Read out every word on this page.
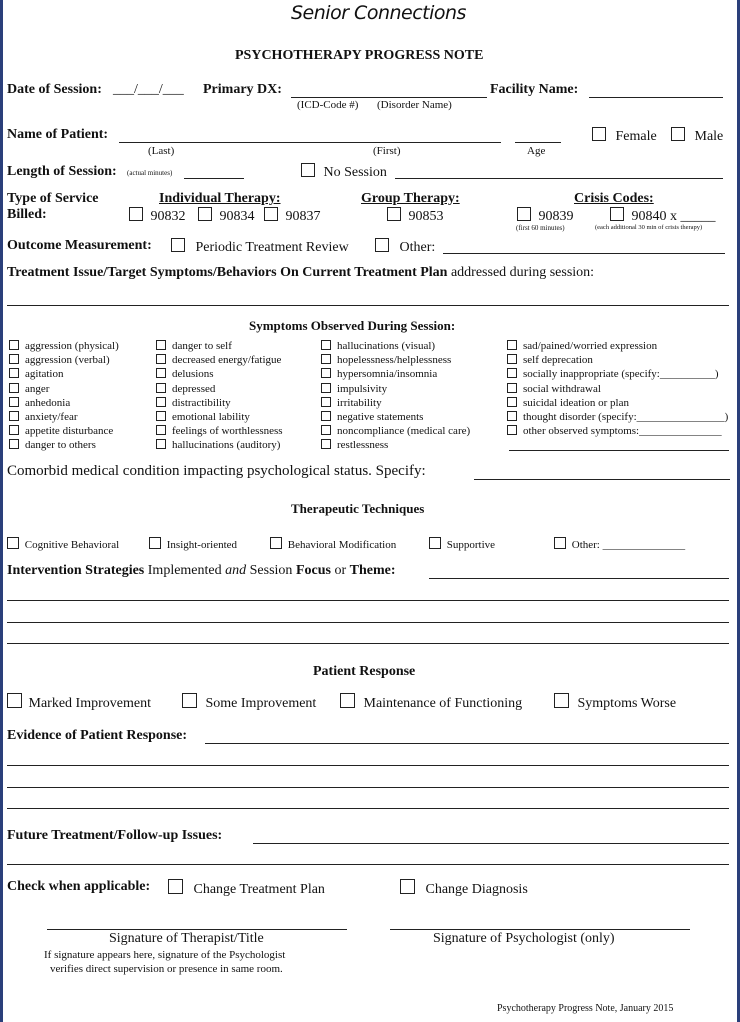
Senior Connections
PSYCHOTHERAPY PROGRESS NOTE
Date of Session: ___/___/___ Primary DX:
(ICD-Code #) (Disorder Name)
Facility Name:
Name of Patient:
(Last)	(First)	Age
Female	Male
Length of Session: (actual minutes)	No Session
Type of Service
Billed:
Individual Therapy:	Group Therapy:	Crisis Codes:
90832	90834	90837	90853	90839	90840 x _____
(first 60 minutes)	(each additional 30 min of crisis therapy)
Outcome Measurement:	Periodic Treatment Review	Other:
Treatment Issue/Target Symptoms/Behaviors On Current Treatment Plan addressed during session:
Symptoms Observed During Session:
aggression (physical)
aggression (verbal)
agitation
anger
anhedonia
anxiety/fear
appetite disturbance
danger to others
danger to self
decreased energy/fatigue
delusions
depressed
distractibility
emotional lability
feelings of worthlessness
hallucinations (auditory)
hallucinations (visual)
hopelessness/helplessness
hypersomnia/insomnia
impulsivity
irritability
negative statements
noncompliance (medical care)
restlessness
sad/pained/worried expression
self deprecation
socially inappropriate (specify:__________)
social withdrawal
suicidal ideation or plan
thought disorder (specify:________________)
other observed symptoms:_______________
Comorbid medical condition impacting psychological status. Specify:
Therapeutic Techniques
Cognitive Behavioral	Insight-oriented	Behavioral Modification	Supportive	Other: _______________
Intervention Strategies Implemented and Session Focus or Theme:
Patient Response
Marked Improvement	Some Improvement	Maintenance of Functioning	Symptoms Worse
Evidence of Patient Response:
Future Treatment/Follow-up Issues:
Check when applicable:	Change Treatment Plan	Change Diagnosis
Signature of Therapist/Title
If signature appears here, signature of the Psychologist
verifies direct supervision or presence in same room.
Signature of Psychologist (only)
Psychotherapy Progress Note, January 2015
